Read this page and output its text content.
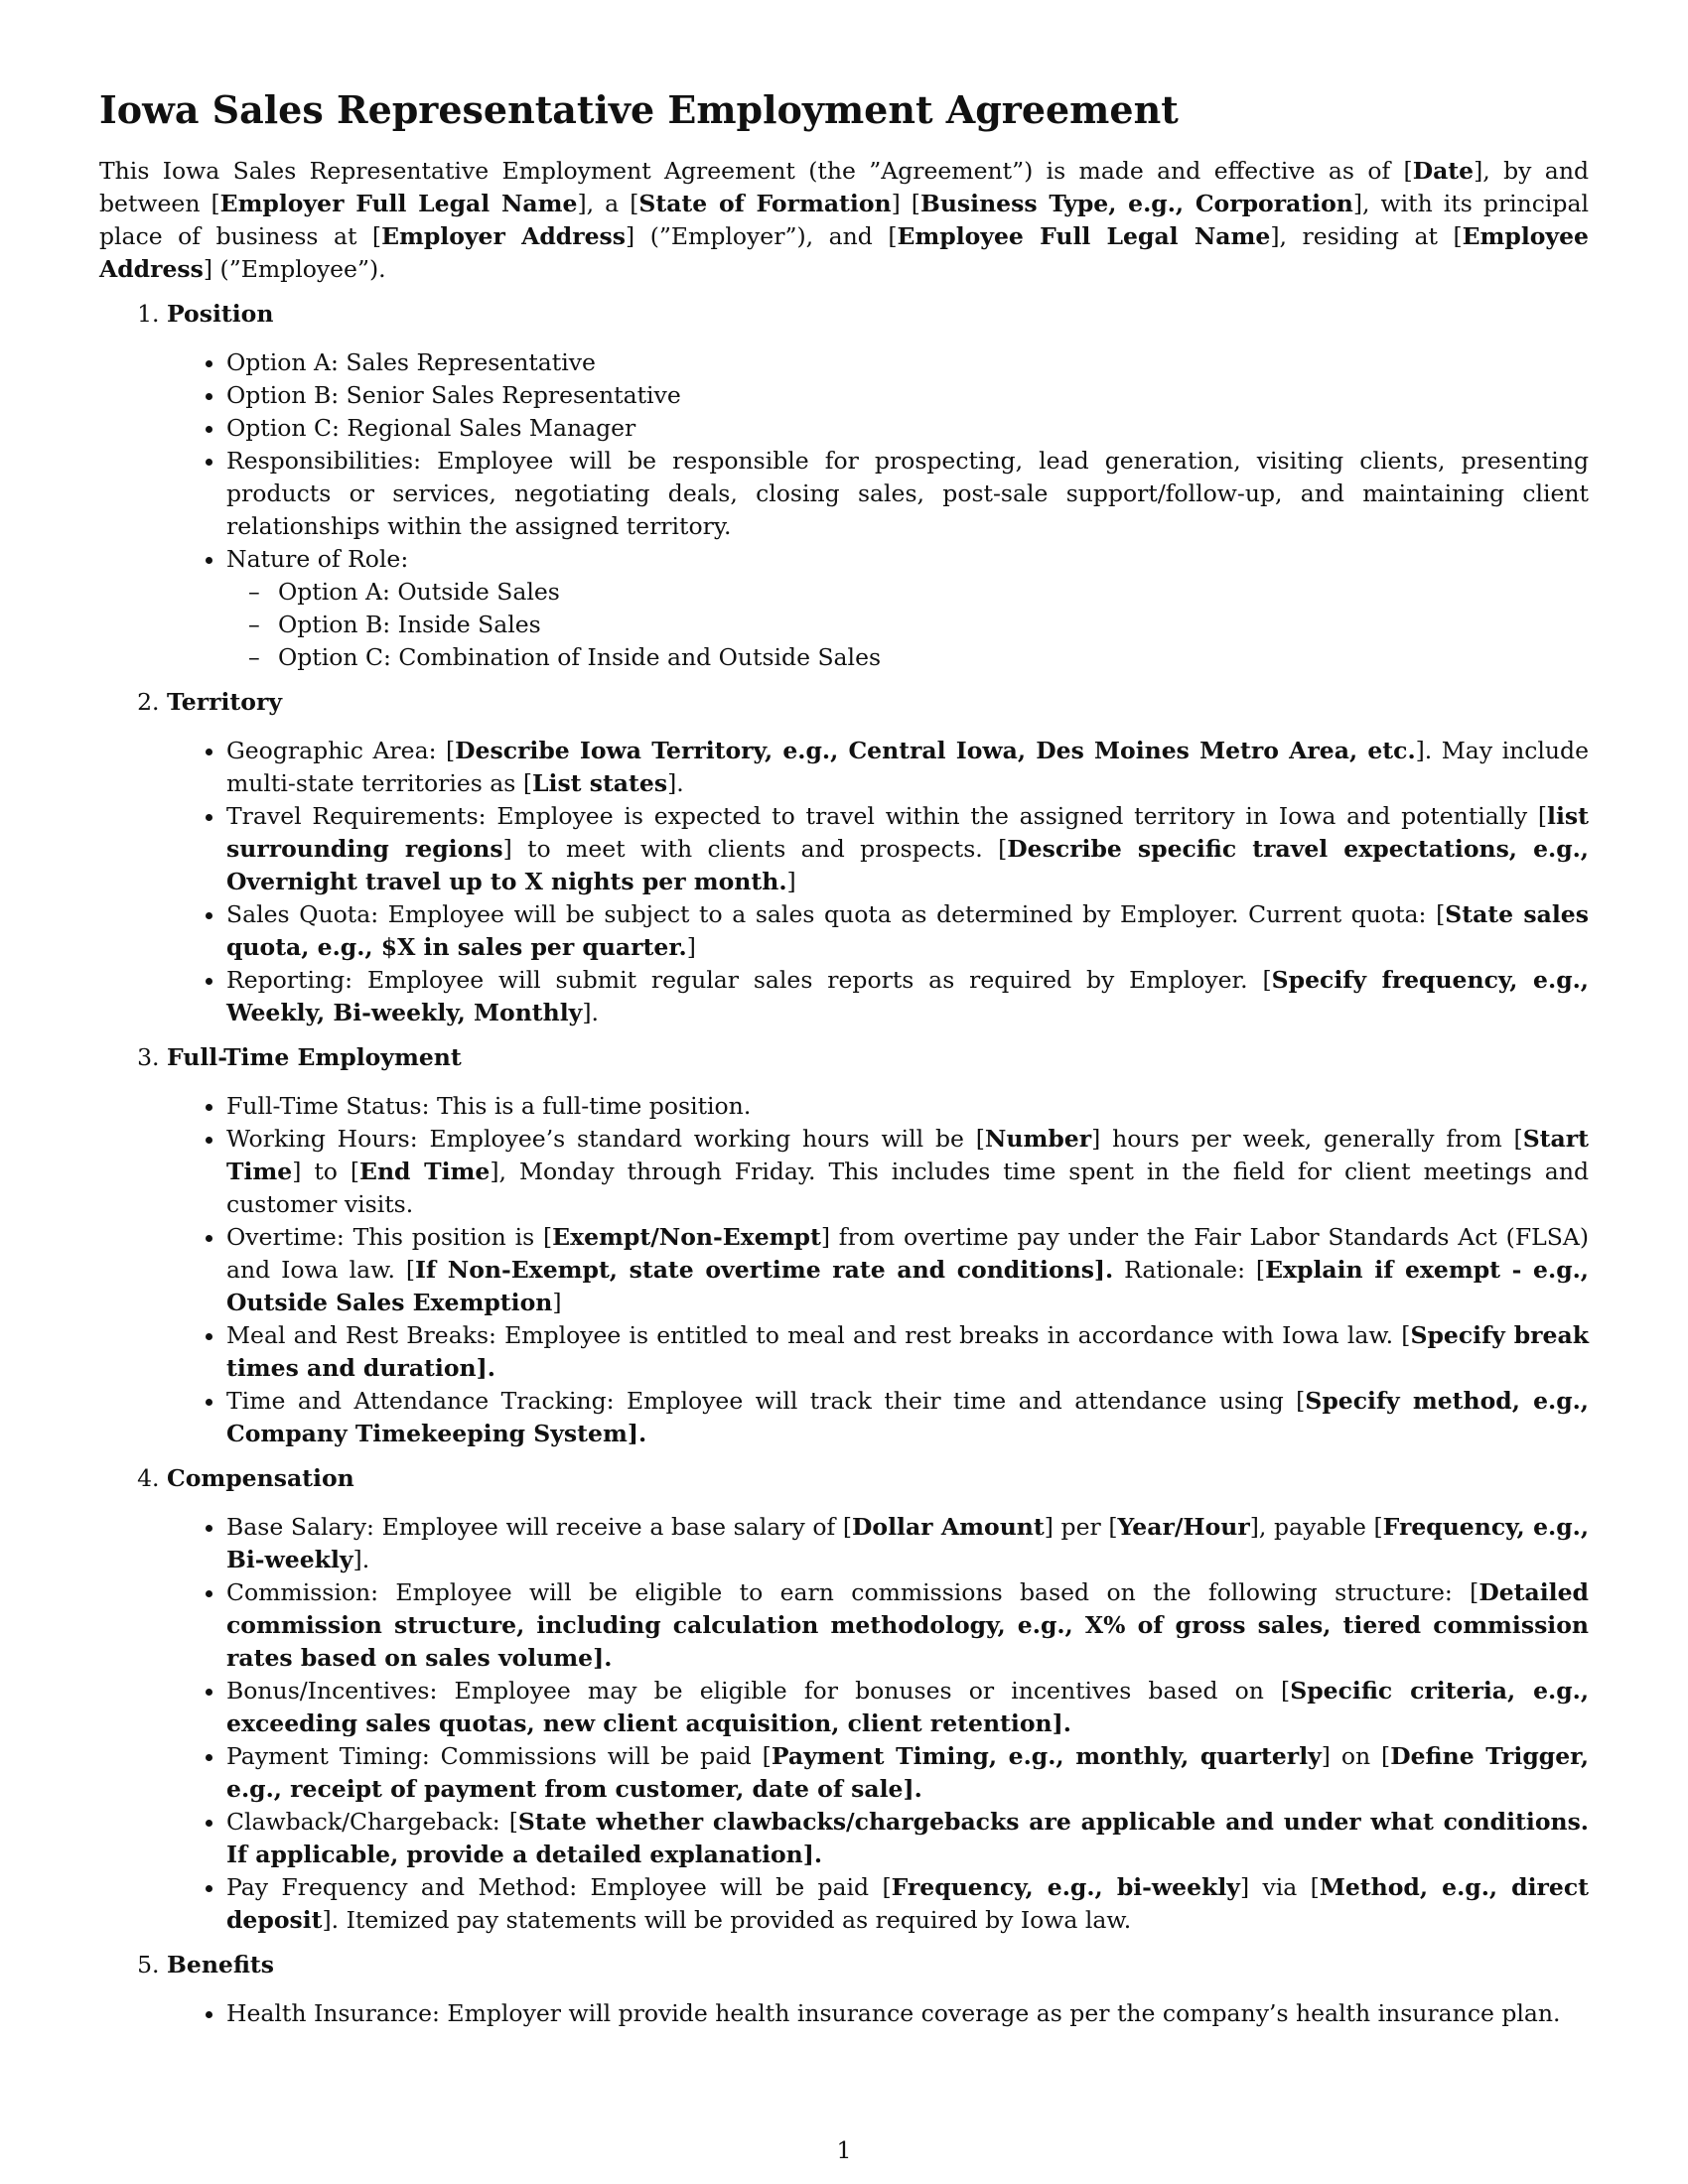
Iowa Sales Representative Employment Agreement

This Iowa Sales Representative Employment Agreement (the ”Agreement”) is made and effective as of [Date], by and between [Employer Full Legal Name], a [State of Formation] [Business Type, e.g., Corporation], with its principal place of business at [Employer Address] (”Employer”), and [Employee Full Legal Name], residing at [Employee Address] (”Employee”).

1. Position
• Option A: Sales Representative
• Option B: Senior Sales Representative
• Option C: Regional Sales Manager
• Responsibilities: Employee will be responsible for prospecting, lead generation, visiting clients, presenting products or services, negotiating deals, closing sales, post-sale support/follow-up, and maintaining client relationships within the assigned territory.
• Nature of Role:
– Option A: Outside Sales
– Option B: Inside Sales
– Option C: Combination of Inside and Outside Sales
2. Territory
• Geographic Area: [Describe Iowa Territory, e.g., Central Iowa, Des Moines Metro Area, etc.]. May include multi-state territories as [List states].
• Travel Requirements: Employee is expected to travel within the assigned territory in Iowa and potentially [list surrounding regions] to meet with clients and prospects. [Describe specific travel expectations, e.g., Overnight travel up to X nights per month.]
• Sales Quota: Employee will be subject to a sales quota as determined by Employer. Current quota: [State sales quota, e.g., $X in sales per quarter.]
• Reporting: Employee will submit regular sales reports as required by Employer. [Specify frequency, e.g., Weekly, Bi-weekly, Monthly].
3. Full-Time Employment
• Full-Time Status: This is a full-time position.
• Working Hours: Employee’s standard working hours will be [Number] hours per week, generally from [Start Time] to [End Time], Monday through Friday. This includes time spent in the field for client meetings and customer visits.
• Overtime: This position is [Exempt/Non-Exempt] from overtime pay under the Fair Labor Standards Act (FLSA) and Iowa law. [If Non-Exempt, state overtime rate and conditions]. Rationale: [Explain if exempt - e.g., Outside Sales Exemption]
• Meal and Rest Breaks: Employee is entitled to meal and rest breaks in accordance with Iowa law. [Specify break times and duration].
• Time and Attendance Tracking: Employee will track their time and attendance using [Specify method, e.g., Company Timekeeping System].
4. Compensation
• Base Salary: Employee will receive a base salary of [Dollar Amount] per [Year/Hour], payable [Frequency, e.g., Bi-weekly].
• Commission: Employee will be eligible to earn commissions based on the following structure: [Detailed commission structure, including calculation methodology, e.g., X% of gross sales, tiered commission rates based on sales volume].
• Bonus/Incentives: Employee may be eligible for bonuses or incentives based on [Specific criteria, e.g., exceeding sales quotas, new client acquisition, client retention].
• Payment Timing: Commissions will be paid [Payment Timing, e.g., monthly, quarterly] on [Define Trigger, e.g., receipt of payment from customer, date of sale].
• Clawback/Chargeback: [State whether clawbacks/chargebacks are applicable and under what conditions. If applicable, provide a detailed explanation].
• Pay Frequency and Method: Employee will be paid [Frequency, e.g., bi-weekly] via [Method, e.g., direct deposit]. Itemized pay statements will be provided as required by Iowa law.
5. Benefits
• Health Insurance: Employer will provide health insurance coverage as per the company’s health insurance plan.
1
